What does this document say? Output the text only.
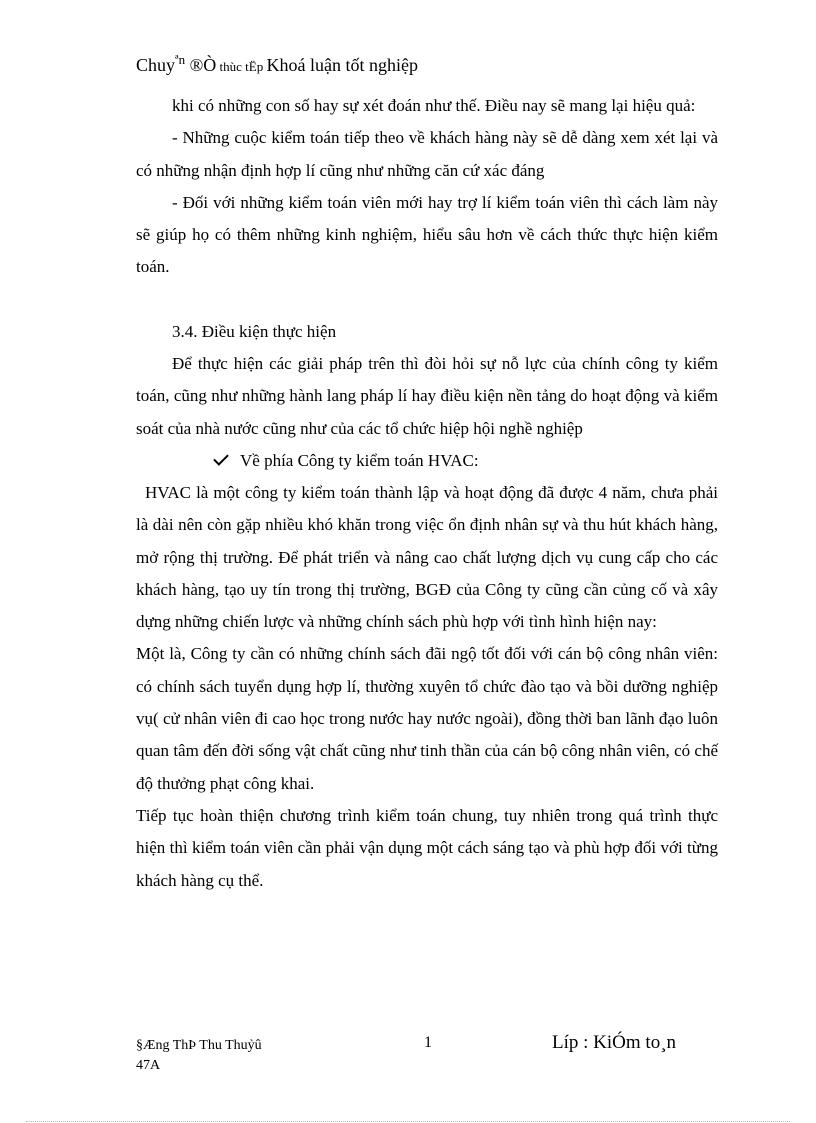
Chuy$^{ªn}$ ®Ò thùc tËp Khoá luận tốt nghiệp

khi có những con số hay sự xét đoán như thế. Điều nay sẽ mang lại hiệu quả:

- Những cuộc kiểm toán tiếp theo về khách hàng này sẽ dễ dàng xem xét lại và có những nhận định hợp lí cũng như những căn cứ xác đáng

- Đối với những kiểm toán viên mới hay trợ lí kiểm toán viên thì cách làm này sẽ giúp họ có thêm những kinh nghiệm, hiểu sâu hơn về cách thức thực hiện kiểm toán.

3.4. Điều kiện thực hiện

Để thực hiện các giải pháp trên thì đòi hỏi sự nỗ lực của chính công ty kiểm toán, cũng như những hành lang pháp lí hay điều kiện nền tảng do hoạt động và kiểm soát của nhà nước cũng như của các tổ chức hiệp hội nghề nghiệp

Về phía Công ty kiểm toán HVAC:

HVAC là một công ty kiểm toán thành lập và hoạt động đã được 4 năm, chưa phải là dài nên còn gặp nhiều khó khăn trong việc ổn định nhân sự và thu hút khách hàng, mở rộng thị trường. Để phát triển và nâng cao chất lượng dịch vụ cung cấp cho các khách hàng, tạo uy tín trong thị trường, BGĐ của Công ty cũng cần củng cố và xây dựng những chiến lược và những chính sách phù hợp với tình hình hiện nay:

Một là, Công ty cần có những chính sách đãi ngộ tốt đối với cán bộ công nhân viên: có chính sách tuyển dụng hợp lí, thường xuyên tổ chức đào tạo và bồi dưỡng nghiệp vụ( cử nhân viên đi cao học trong nước hay nước ngoài), đồng thời ban lãnh đạo luôn quan tâm đến đời sống vật chất cũng như tinh thần của cán bộ công nhân viên, có chế độ thưởng phạt công khai.

Tiếp tục hoàn thiện chương trình kiểm toán chung, tuy nhiên trong quá trình thực hiện thì kiểm toán viên cần phải vận dụng một cách sáng tạo và phù hợp đối với từng khách hàng cụ thể.

§Æng ThÞ Thu Thuỷû
47A
1	Líp : KiÓm to¸n
